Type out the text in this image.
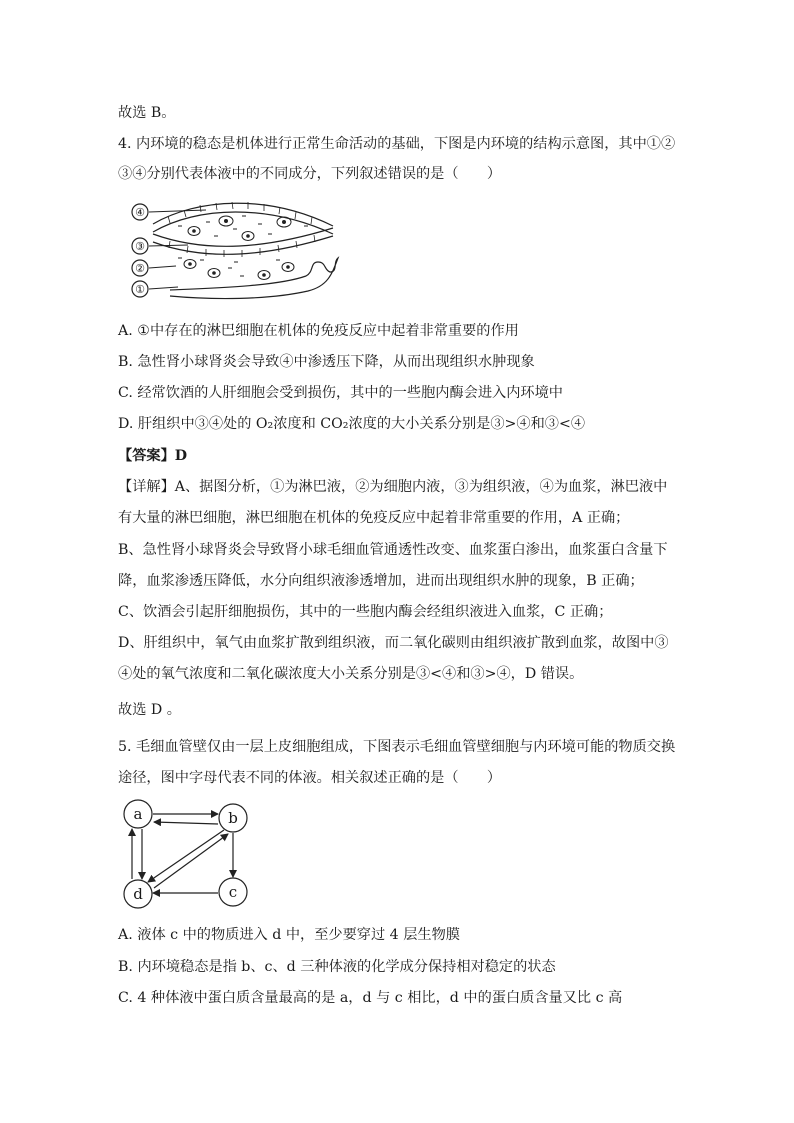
故选 B。
4. 内环境的稳态是机体进行正常生命活动的基础，下图是内环境的结构示意图，其中①②
③④分别代表体液中的不同成分，下列叙述错误的是（　　）
④
③
②
①
A. ①中存在的淋巴细胞在机体的免疫反应中起着非常重要的作用
B. 急性肾小球肾炎会导致④中渗透压下降，从而出现组织水肿现象
C. 经常饮酒的人肝细胞会受到损伤，其中的一些胞内酶会进入内环境中
D. 肝组织中③④处的 O₂浓度和 CO₂浓度的大小关系分别是③>④和③<④
【答案】D
【详解】A、据图分析，①为淋巴液，②为细胞内液，③为组织液，④为血浆，淋巴液中
有大量的淋巴细胞，淋巴细胞在机体的免疫反应中起着非常重要的作用，A 正确；
B、急性肾小球肾炎会导致肾小球毛细血管通透性改变、血浆蛋白渗出，血浆蛋白含量下
降，血浆渗透压降低，水分向组织液渗透增加，进而出现组织水肿的现象，B 正确；
C、饮酒会引起肝细胞损伤，其中的一些胞内酶会经组织液进入血浆，C 正确；
D、肝组织中，氧气由血浆扩散到组织液，而二氧化碳则由组织液扩散到血浆，故图中③
④处的氧气浓度和二氧化碳浓度大小关系分别是③<④和③>④，D 错误。
故选 D 。
5. 毛细血管壁仅由一层上皮细胞组成，下图表示毛细血管壁细胞与内环境可能的物质交换
途径，图中字母代表不同的体液。相关叙述正确的是（　　）
a	b
c
d
A. 液体 c 中的物质进入 d 中，至少要穿过 4 层生物膜
B. 内环境稳态是指 b、c、d 三种体液的化学成分保持相对稳定的状态
C. 4 种体液中蛋白质含量最高的是 a，d 与 c 相比，d 中的蛋白质含量又比 c 高
